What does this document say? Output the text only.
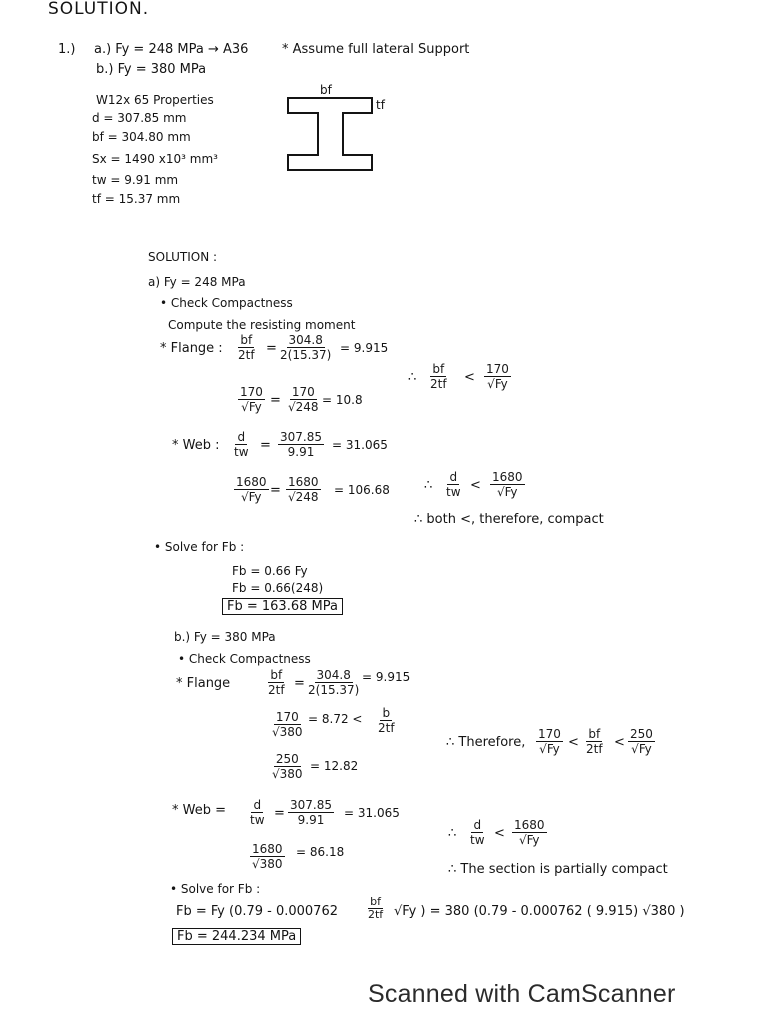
SOLUTION.
1.) a.) Fy = 248 MPa → A36	* Assume full lateral Support
b.) Fy = 380 MPa
W12x 65 Properties
d = 307.85 mm
bf = 304.80 mm
Sx = 1490 x10³ mm³
tw = 9.91 mm
tf = 15.37 mm
bf
tf
SOLUTION :
a) Fy = 248 MPa
• Check Compactness
Compute the resisting moment
* Flange : $\frac{bf}{2tf} = \frac{304.8}{2(15.37)} = 9.915$
$\frac{170}{√Fy} = \frac{170}{√248} = 10.8$
∴ $\frac{bf}{2tf} < \frac{170}{√Fy}$
* Web : $\frac{d}{tw} = \frac{307.85}{9.91} = 31.065$
$\frac{1680}{√Fy} = \frac{1680}{√248} = 106.68$	∴ $\frac{d}{tw} < \frac{1680}{√Fy}$
∴ both <, therefore, compact
• Solve for Fb :
Fb = 0.66 Fy
Fb = 0.66(248)
Fb = 163.68 MPa
b.) Fy = 380 MPa
• Check Compactness
* Flange	$\frac{bf}{2tf} = \frac{304.8}{2(15.37)} = 9.915$
$\frac{170}{√380} = 8.72 < \frac{b}{2tf}$
$\frac{250}{√380} = 12.82$
∴ Therefore, $\frac{170}{√Fy} < \frac{bf}{2tf} < \frac{250}{√Fy}$
* Web = $\frac{d}{tw} = \frac{307.85}{9.91} = 31.065$
$\frac{1680}{√380} = 86.18$
∴ $\frac{d}{tw} < \frac{1680}{√Fy}$
∴ The section is partially compact
• Solve for Fb :
Fb = Fy (0.79 - 0.000762	$\frac{bf}{2tf} √Fy$ ) = 380 (0.79 - 0.000762 ( 9.915) √380 )
Fb = 244.234 MPa
Scanned with CamScanner
